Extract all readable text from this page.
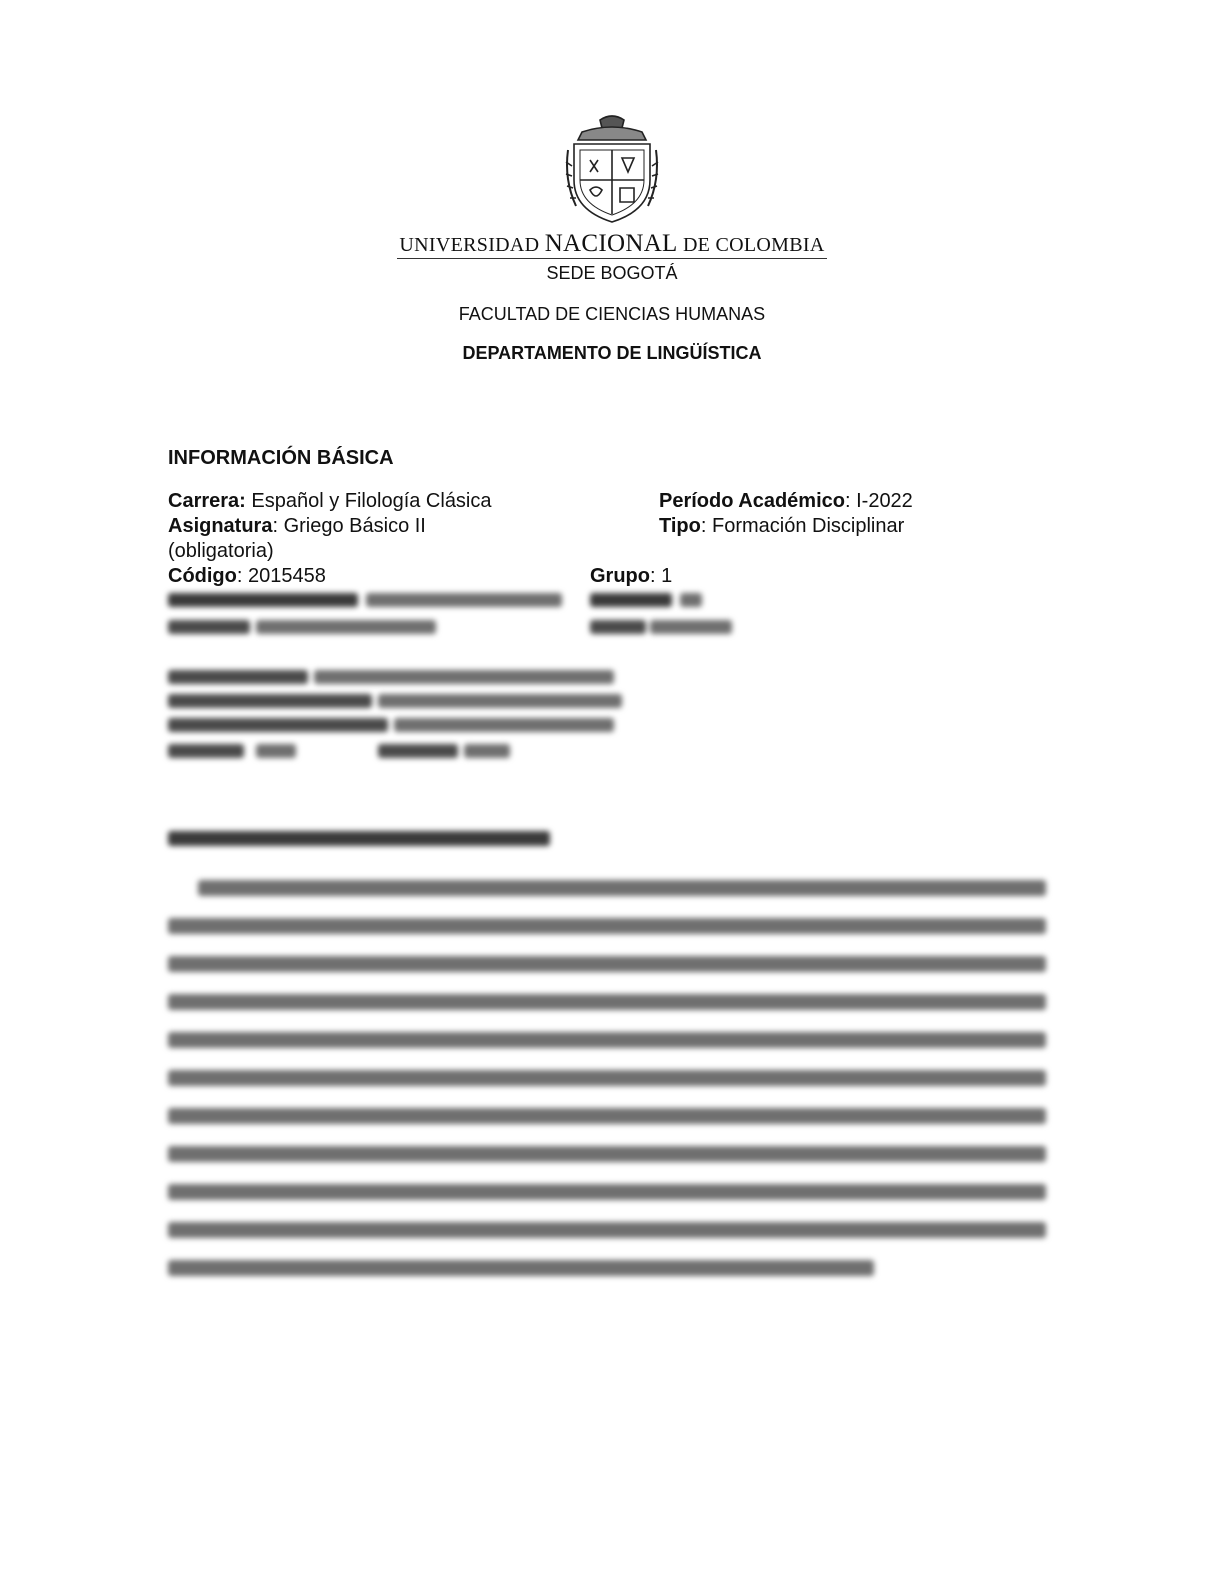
UNIVERSIDAD NACIONAL DE COLOMBIA
SEDE BOGOTÁ
FACULTAD DE CIENCIAS HUMANAS
DEPARTAMENTO DE LINGÜÍSTICA
INFORMACIÓN BÁSICA
Carrera: Español y Filología Clásica
Asignatura: Griego Básico II
(obligatoria)
Código: 2015458
Período Académico: I-2022
Tipo: Formación Disciplinar
Grupo: 1
